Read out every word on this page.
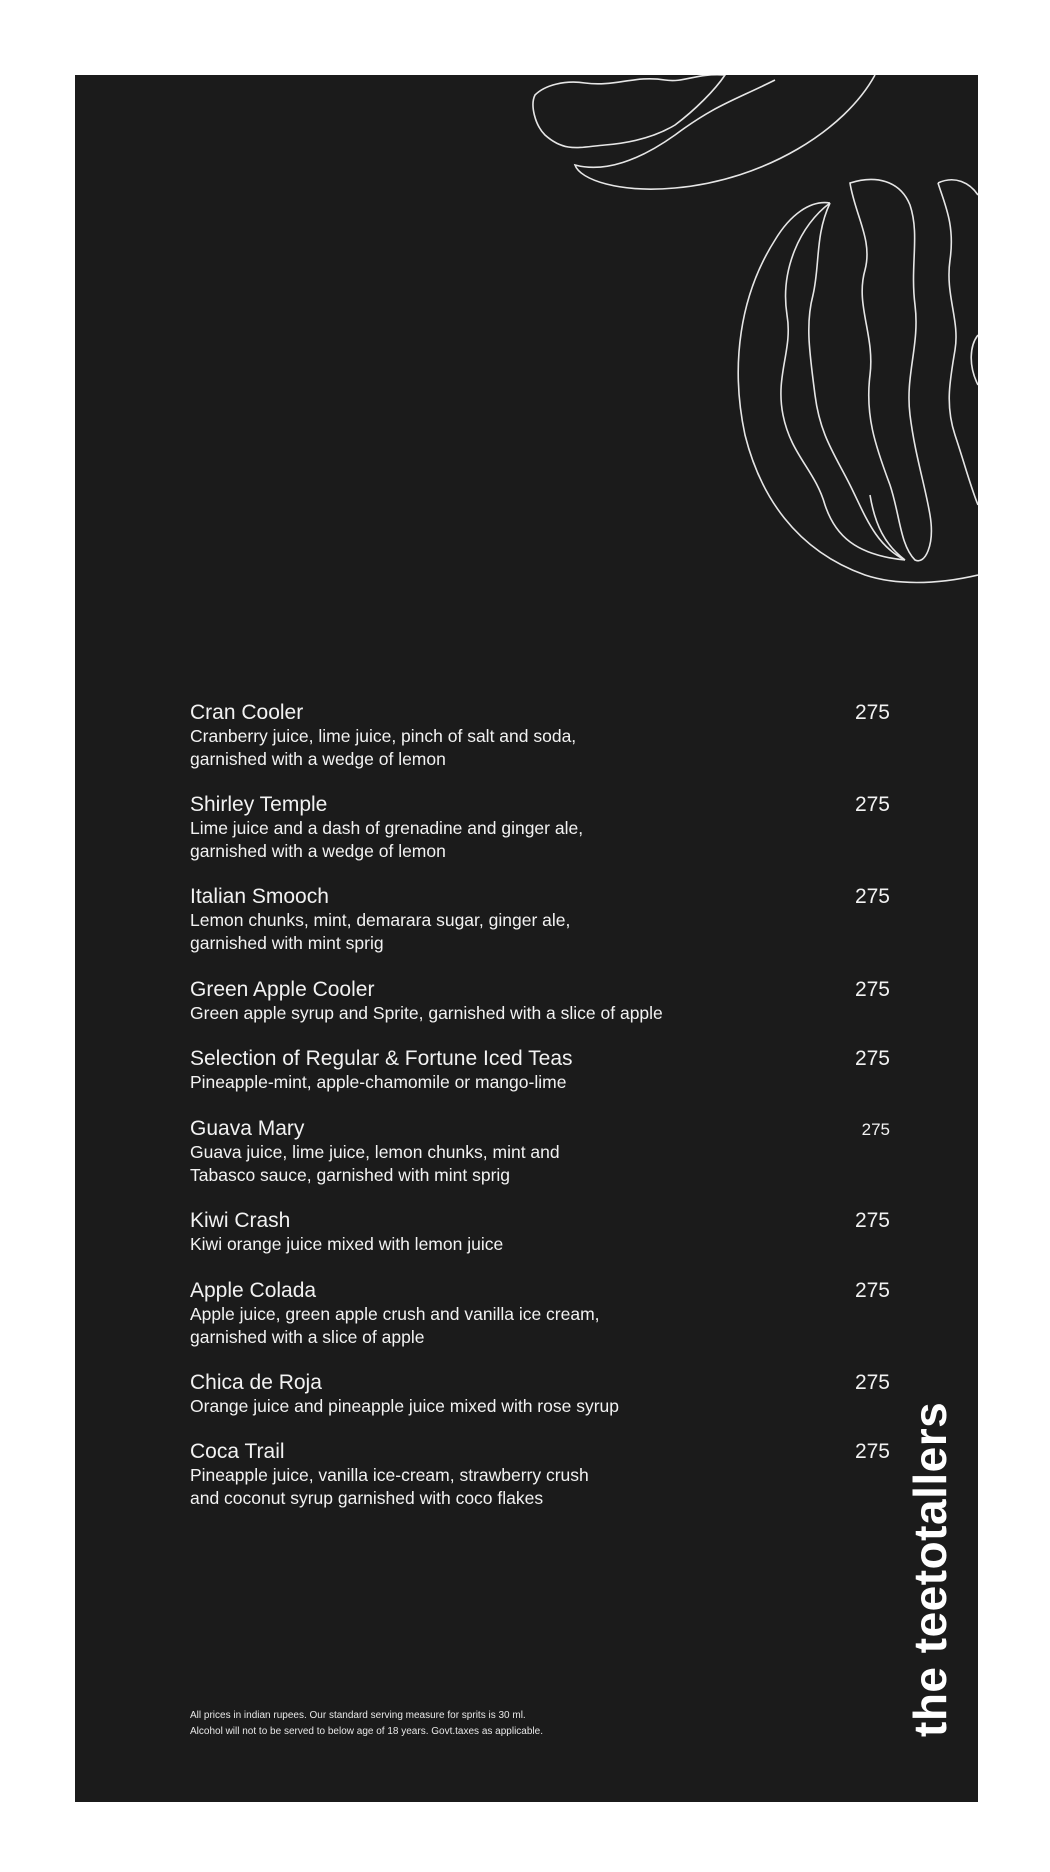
Cran Cooler
Cranberry juice, lime juice, pinch of salt and soda,
garnished with a wedge of lemon
275
Shirley Temple
Lime juice and a dash of grenadine and ginger ale,
garnished with a wedge of lemon
275
Italian Smooch
Lemon chunks, mint, demarara sugar, ginger ale,
garnished with mint sprig
275
Green Apple Cooler
Green apple syrup and Sprite, garnished with a slice of apple
275
Selection of Regular & Fortune Iced Teas
Pineapple-mint, apple-chamomile or mango-lime
275
Guava Mary
Guava juice, lime juice, lemon chunks, mint and
Tabasco sauce, garnished with mint sprig
275
Kiwi Crash
Kiwi orange juice mixed with lemon juice
275
Apple Colada
Apple juice, green apple crush and vanilla ice cream,
garnished with a slice of apple
275
Chica de Roja
Orange juice and pineapple juice mixed with rose syrup
275
Coca Trail
Pineapple juice, vanilla ice-cream, strawberry crush
and coconut syrup garnished with coco flakes
275
All prices in indian rupees. Our standard serving measure for sprits is 30 ml.
Alcohol will not to be served to below age of 18 years. Govt.taxes as applicable.	the teetotallers
